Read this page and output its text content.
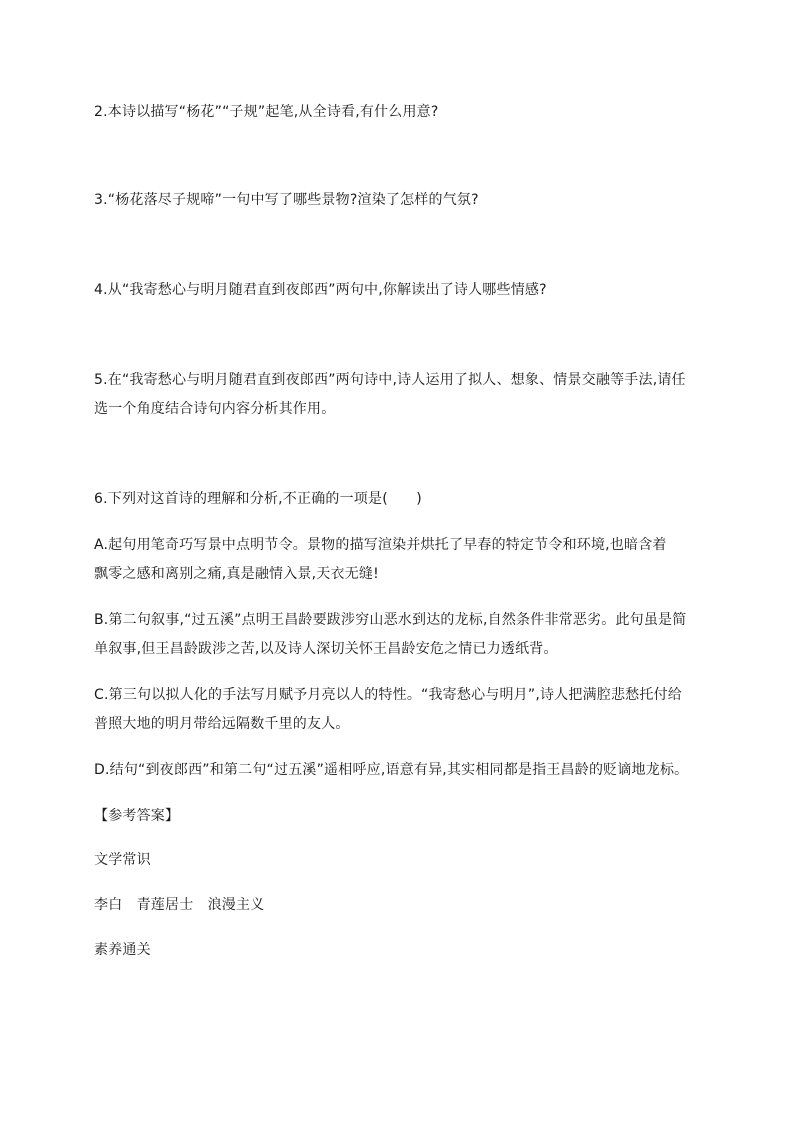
2.本诗以描写“杨花”“子规”起笔,从全诗看,有什么用意?
3.“杨花落尽子规啼”一句中写了哪些景物?渲染了怎样的气氛?
4.从“我寄愁心与明月随君直到夜郎西”两句中,你解读出了诗人哪些情感?
5.在“我寄愁心与明月随君直到夜郎西”两句诗中,诗人运用了拟人、想象、情景交融等手法,请任
选一个角度结合诗句内容分析其作用。
6.下列对这首诗的理解和分析,不正确的一项是(　　)
A.起句用笔奇巧写景中点明节令。景物的描写渲染并烘托了早春的特定节令和环境,也暗含着
飘零之感和离别之痛,真是融情入景,天衣无缝!
B.第二句叙事,“过五溪”点明王昌龄要跋涉穷山恶水到达的龙标,自然条件非常恶劣。此句虽是简
单叙事,但王昌龄跋涉之苦,以及诗人深切关怀王昌龄安危之情已力透纸背。
C.第三句以拟人化的手法写月赋予月亮以人的特性。“我寄愁心与明月”,诗人把满腔悲愁托付给
普照大地的明月带给远隔数千里的友人。
D.结句“到夜郎西”和第二句“过五溪”遥相呼应,语意有异,其实相同都是指王昌龄的贬谪地龙标。
【参考答案】
文学常识
李白　青莲居士　浪漫主义
素养通关
